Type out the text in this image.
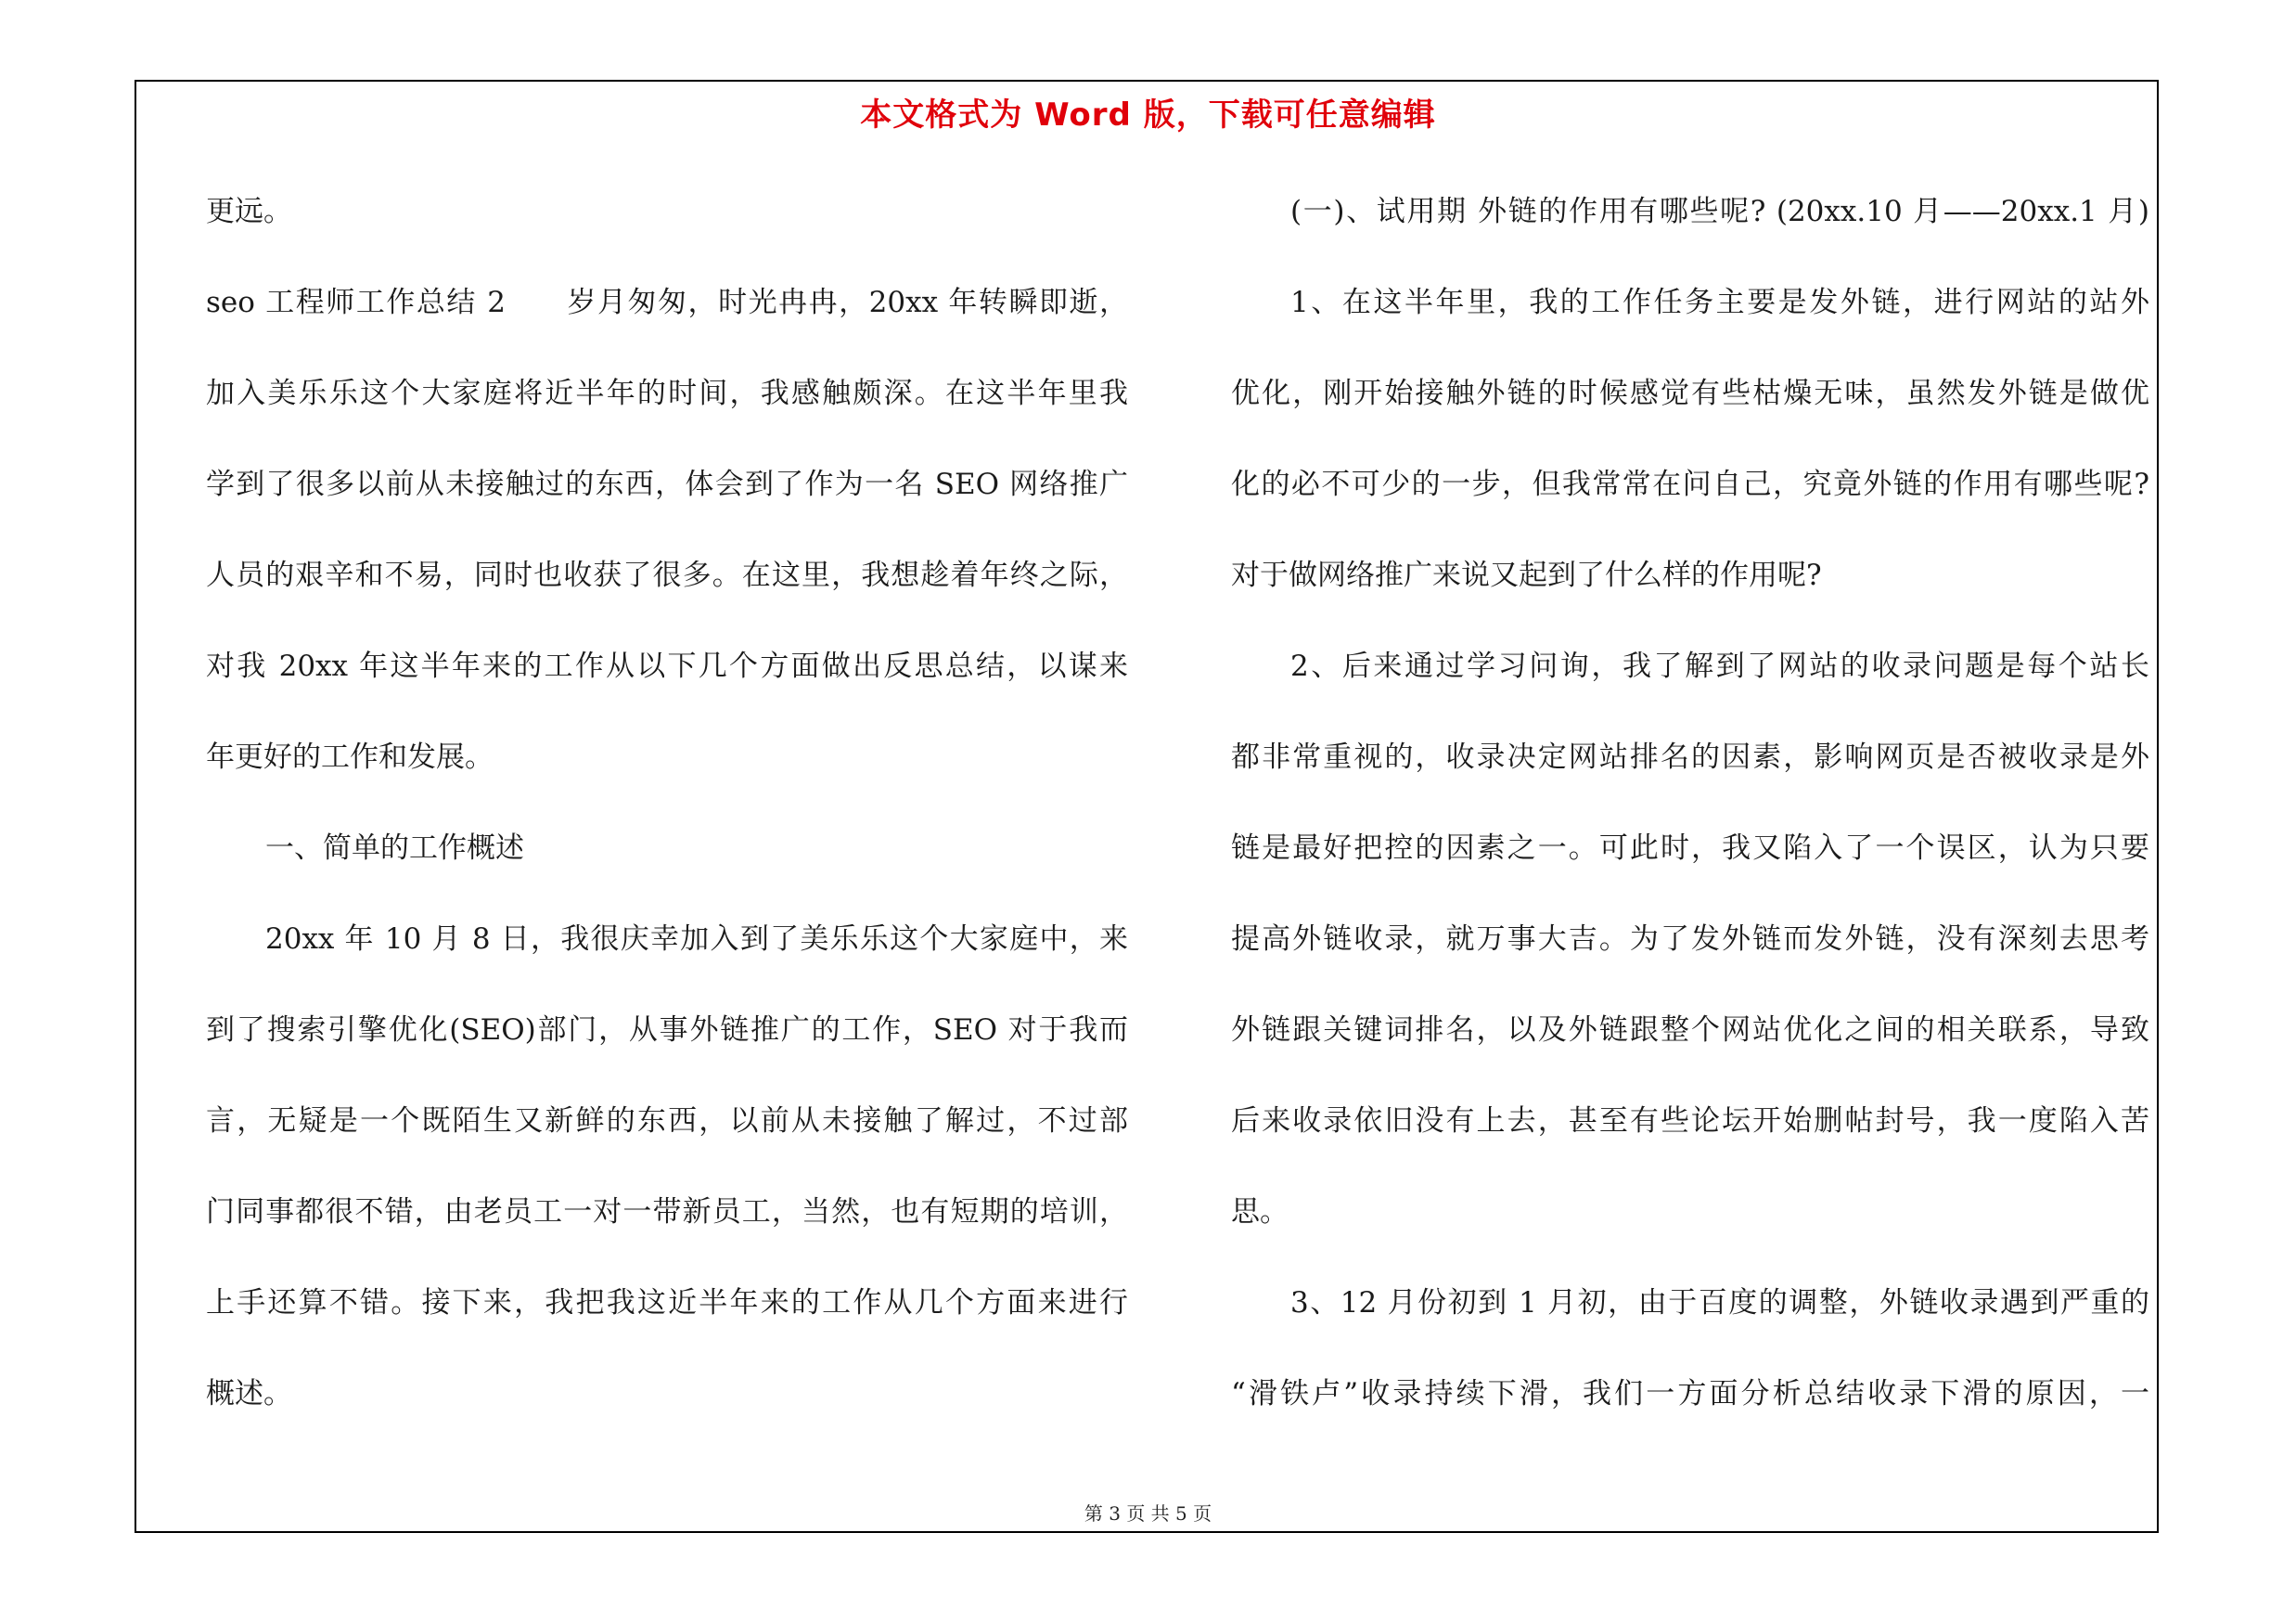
本文格式为 Word 版，下载可任意编辑
更远。
seo 工程师工作总结 2　　岁月匆匆，时光冉冉，20xx 年转瞬即逝，
加入美乐乐这个大家庭将近半年的时间，我感触颇深。在这半年里我
学到了很多以前从未接触过的东西，体会到了作为一名 SEO 网络推广
人员的艰辛和不易，同时也收获了很多。在这里，我想趁着年终之际，
对我 20xx 年这半年来的工作从以下几个方面做出反思总结，以谋来
年更好的工作和发展。
一、简单的工作概述
20xx 年 10 月 8 日，我很庆幸加入到了美乐乐这个大家庭中，来
到了搜索引擎优化(SEO)部门，从事外链推广的工作，SEO 对于我而
言，无疑是一个既陌生又新鲜的东西，以前从未接触了解过，不过部
门同事都很不错，由老员工一对一带新员工，当然，也有短期的培训，
上手还算不错。接下来，我把我这近半年来的工作从几个方面来进行
概述。
(一)、试用期 外链的作用有哪些呢? (20xx.10 月——20xx.1 月)
1、在这半年里，我的工作任务主要是发外链，进行网站的站外
优化，刚开始接触外链的时候感觉有些枯燥无味，虽然发外链是做优
化的必不可少的一步，但我常常在问自己，究竟外链的作用有哪些呢?
对于做网络推广来说又起到了什么样的作用呢?
2、后来通过学习问询，我了解到了网站的收录问题是每个站长
都非常重视的，收录决定网站排名的因素，影响网页是否被收录是外
链是最好把控的因素之一。可此时，我又陷入了一个误区，认为只要
提高外链收录，就万事大吉。为了发外链而发外链，没有深刻去思考
外链跟关键词排名，以及外链跟整个网站优化之间的相关联系，导致
后来收录依旧没有上去，甚至有些论坛开始删帖封号，我一度陷入苦
思。
3、12 月份初到 1 月初，由于百度的调整，外链收录遇到严重的
“滑铁卢”收录持续下滑，我们一方面分析总结收录下滑的原因，一
第 3 页 共 5 页
